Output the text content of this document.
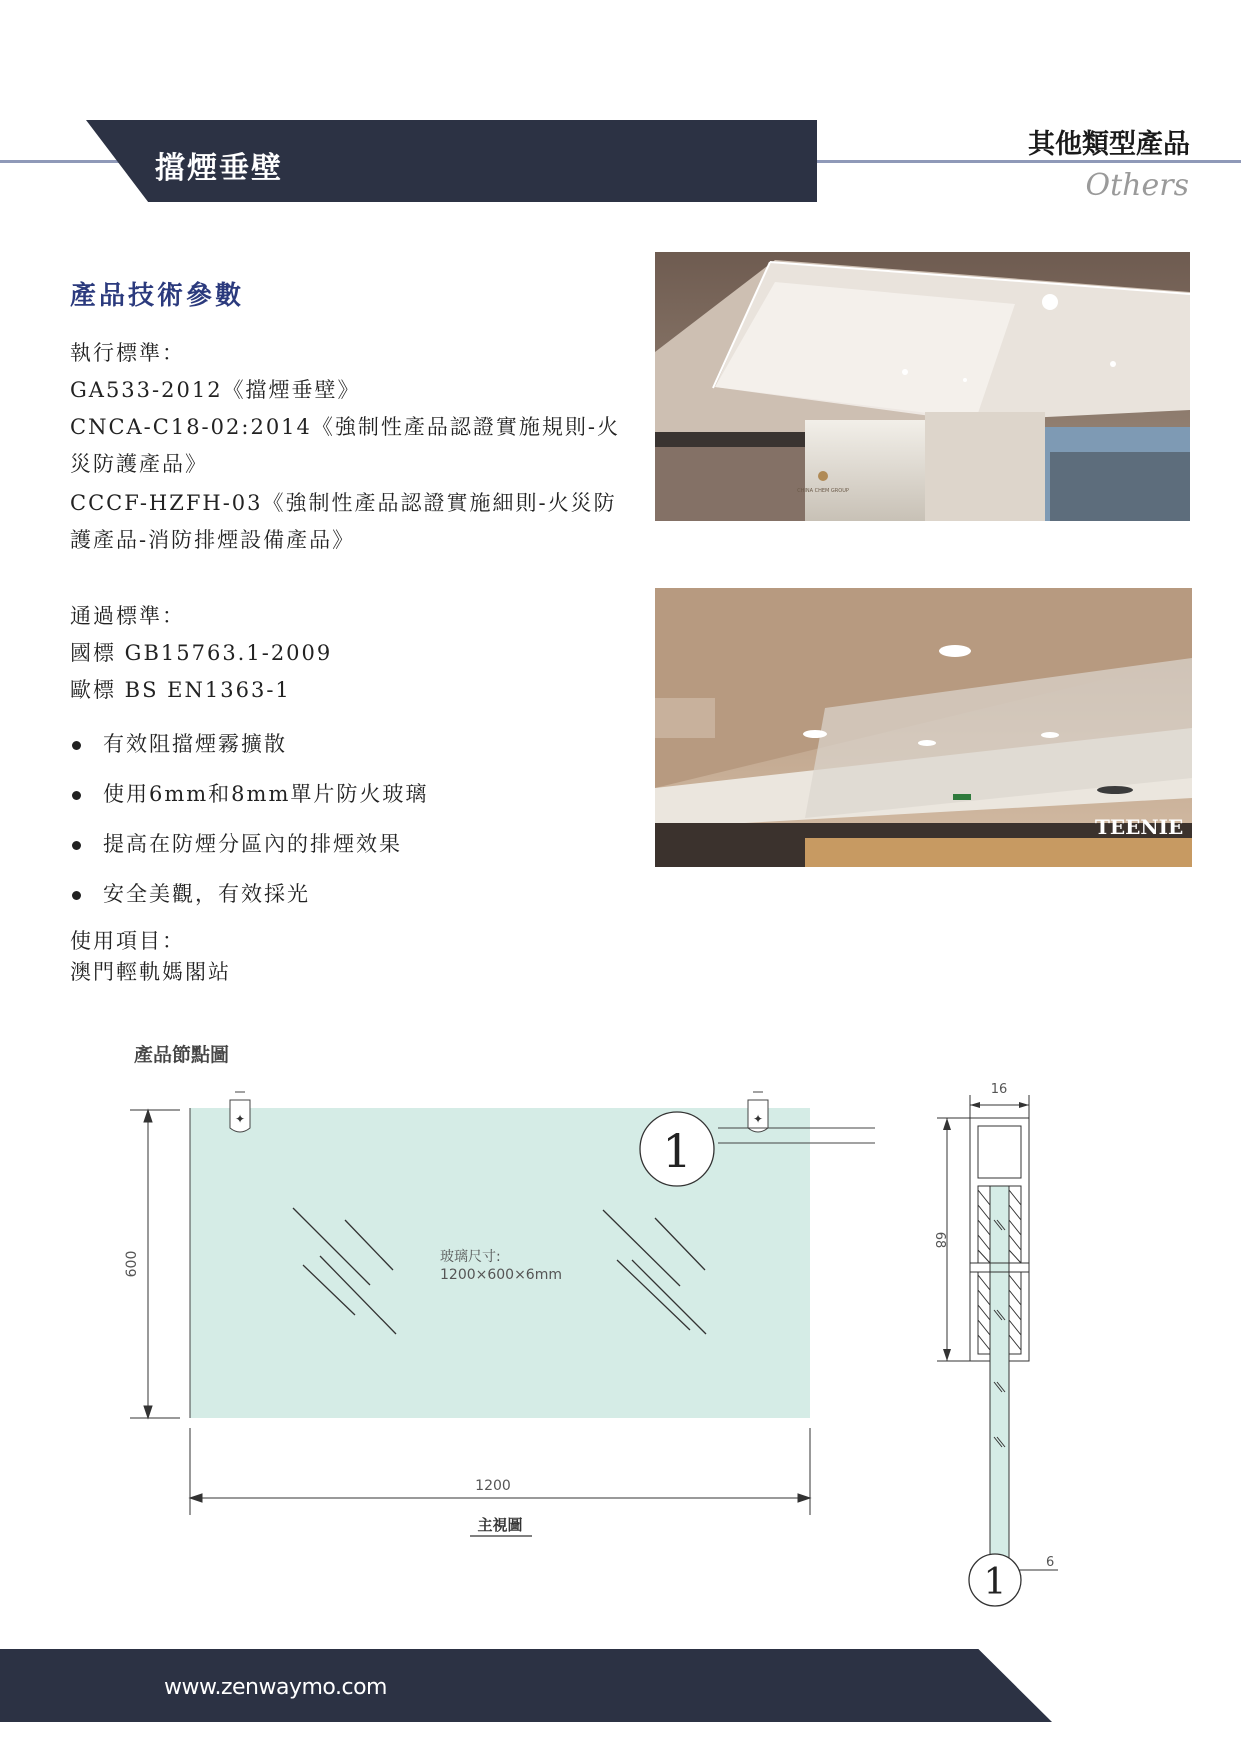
擋煙垂壁
其他類型產品
Others
產品技術參數
執行標準：
GA533-2012《擋煙垂壁》
CNCA-C18-02:2014《強制性產品認證實施規則-火
災防護產品》
CCCF-HZFH-03《強制性產品認證實施細則-火災防
護產品-消防排煙設備產品》
通過標準：
國標 GB15763.1-2009
歐標 BS EN1363-1
有效阻擋煙霧擴散
使用6mm和8mm單片防火玻璃
提高在防煙分區內的排煙效果
安全美觀，有效採光
使用項目：
澳門輕軌媽閣站
CHINA CHEM GROUP
TEENIE
產品節點圖
✦	✦
玻璃尺寸:
1200×600×6mm
1
600
1200
主視圖
16
68
6
1
www.zenwaymo.com
